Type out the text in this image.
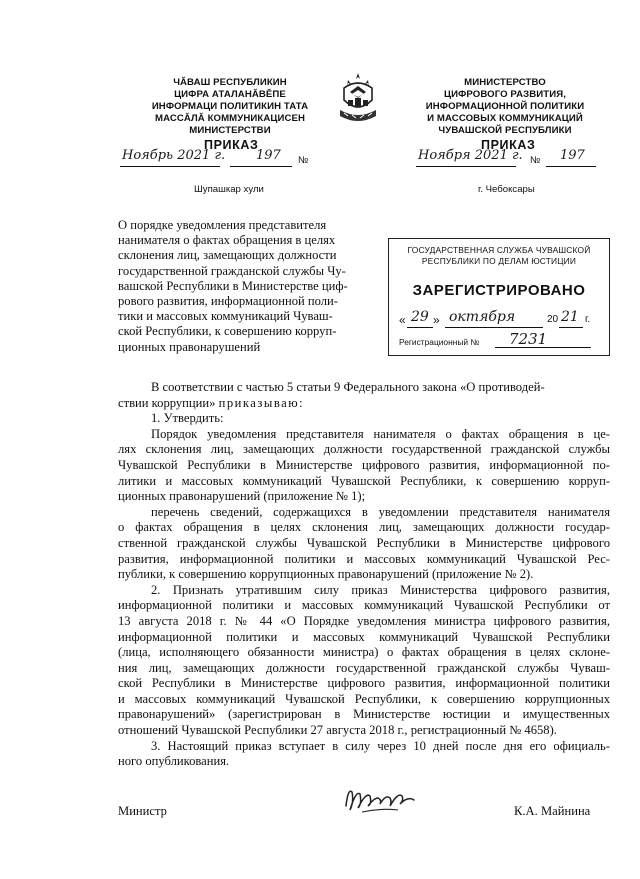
ЧĂВАШ РЕСПУБЛИКИН
ЦИФРА АТАЛАНĂВĔПЕ
ИНФОРМАЦИ ПОЛИТИКИН ТАТА
МАССĂЛĂ КОММУНИКАЦИСЕН
МИНИСТЕРСТВИ
ПРИКАЗ
Ноябрь 2021 г. 197 №
Шупашкар хули
МИНИСТЕРСТВО
ЦИФРОВОГО РАЗВИТИЯ,
ИНФОРМАЦИОННОЙ ПОЛИТИКИ
И МАССОВЫХ КОММУНИКАЦИЙ
ЧУВАШСКОЙ РЕСПУБЛИКИ
ПРИКАЗ
Ноября 2021 г. № 197
г. Чебоксары
О порядке уведомления представителя
нанимателя о фактах обращения в целях
склонения лиц, замещающих должности
государственной гражданской службы Чу-
вашской Республики в Министерстве циф-
рового развития, информационной поли-
тики и массовых коммуникаций Чуваш-
ской Республики, к совершению корруп-
ционных правонарушений
ГОСУДАРСТВЕННАЯ СЛУЖБА ЧУВАШСКОЙ
РЕСПУБЛИКИ ПО ДЕЛАМ ЮСТИЦИИ
ЗАРЕГИСТРИРОВАНО
« 29 » октября	20 21 г.
Регистрационный № 7231
В соответствии с частью 5 статьи 9 Федерального закона «О противодей-
ствии коррупции» приказываю:
1. Утвердить:
Порядок уведомления представителя нанимателя о фактах обращения в це-
лях склонения лиц, замещающих должности государственной гражданской службы
Чувашской Республики в Министерстве цифрового развития, информационной по-
литики и массовых коммуникаций Чувашской Республики, к совершению корруп-
ционных правонарушений (приложение № 1);
перечень сведений, содержащихся в уведомлении представителя нанимателя
о фактах обращения в целях склонения лиц, замещающих должности государ-
ственной гражданской службы Чувашской Республики в Министерстве цифрового
развития, информационной политики и массовых коммуникаций Чувашской Рес-
публики, к совершению коррупционных правонарушений (приложение № 2).
2. Признать утратившим силу приказ Министерства цифрового развития,
информационной политики и массовых коммуникаций Чувашской Республики от
13 августа 2018 г. № 44 «О Порядке уведомления министра цифрового развития,
информационной политики и массовых коммуникаций Чувашской Республики
(лица, исполняющего обязанности министра) о фактах обращения в целях склоне-
ния лиц, замещающих должности государственной гражданской службы Чуваш-
ской Республики в Министерстве цифрового развития, информационной политики
и массовых коммуникаций Чувашской Республики, к совершению коррупционных
правонарушений» (зарегистрирован в Министерстве юстиции и имущественных
отношений Чувашской Республики 27 августа 2018 г., регистрационный № 4658).
3. Настоящий приказ вступает в силу через 10 дней после дня его официаль-
ного опубликования.
Министр	К.А. Майнина
